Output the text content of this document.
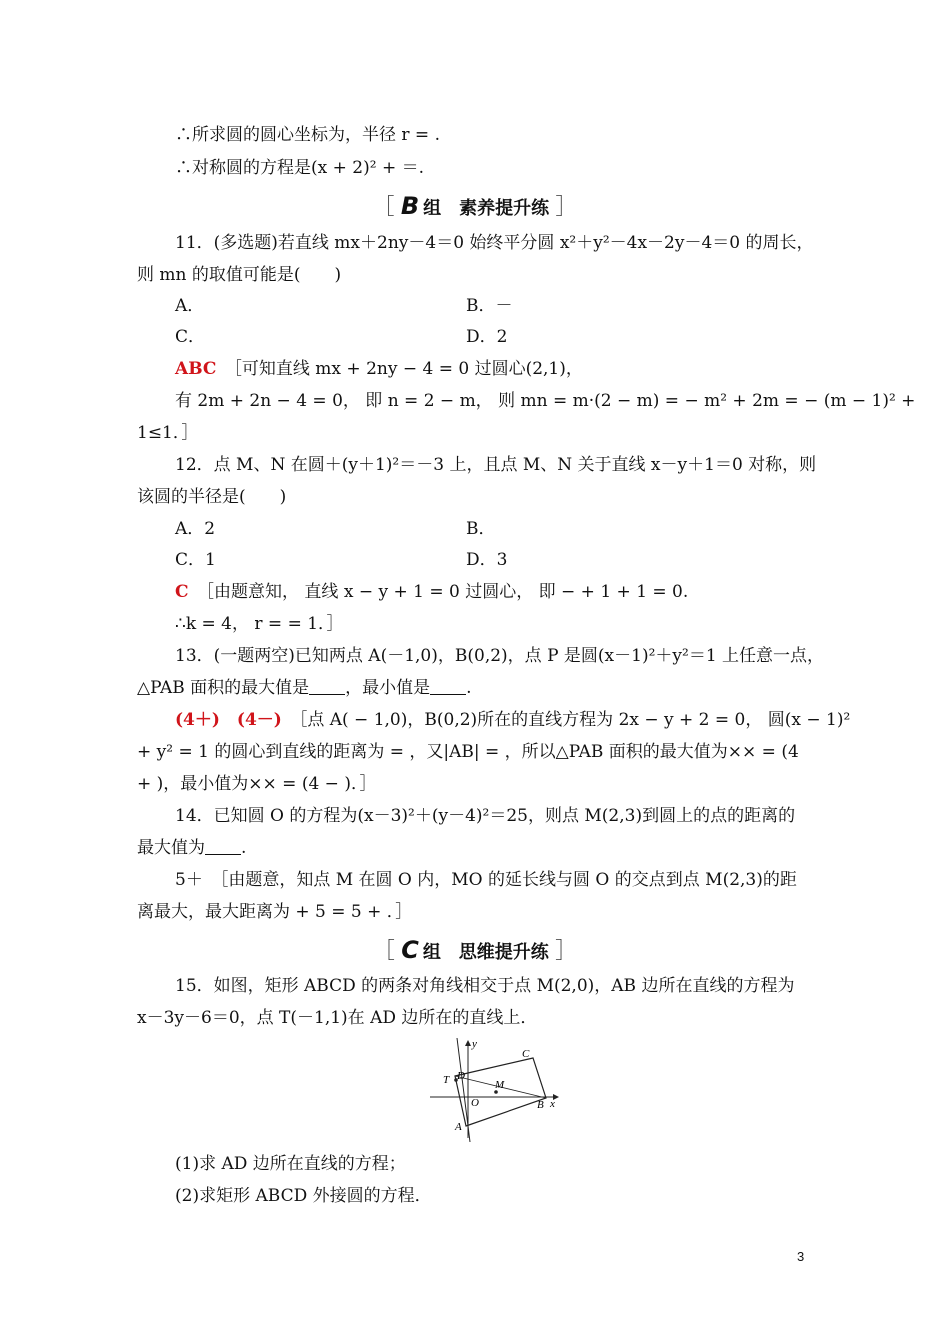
∴所求圆的圆心坐标为，半径 r = .
∴对称圆的方程是(x + 2)² + ＝.
［ B 组　素养提升练 ］
11．(多选题)若直线 mx＋2ny－4＝0 始终平分圆 x²＋y²－4x－2y－4＝0 的周长，
则 mn 的取值可能是(　　)
A．	B．－
C．	D．2
ABC　 ［可知直线 mx + 2ny − 4 = 0 过圆心(2,1)，
有 2m + 2n − 4 = 0， 即 n = 2 − m， 则 mn = m·(2 − m) = − m² + 2m = − (m − 1)² +
1≤1．］
12．点 M、N 在圆＋(y＋1)²＝－3 上，且点 M、N 关于直线 x－y＋1＝0 对称，则
该圆的半径是(　　)
A．2	B．
C．1	D．3
C　 ［由题意知， 直线 x − y + 1 = 0 过圆心， 即 − + 1 + 1 = 0.
∴k = 4， r = = 1．］
13．(一题两空)已知两点 A(－1,0)，B(0,2)，点 P 是圆(x－1)²＋y²＝1 上任意一点，
△PAB 面积的最大值是 ，最小值是 .
(4＋)　(4－)　 ［点 A( − 1,0)，B(0,2)所在的直线方程为 2x − y + 2 = 0， 圆(x − 1)²
+ y² = 1 的圆心到直线的距离为 = ，又|AB| = ，所以△PAB 面积的最大值为×× = (4
+ )，最小值为×× = (4 − )．］
14．已知圆 O 的方程为(x－3)²＋(y－4)²＝25，则点 M(2,3)到圆上的点的距离的
最大值为 .
5＋　［由题意，知点 M 在圆 O 内，MO 的延长线与圆 O 的交点到点 M(2,3)的距
离最大，最大距离为 + 5 = 5 + ．］
［ C 组　思维提升练 ］
15．如图，矩形 ABCD 的两条对角线相交于点 M(2,0)，AB 边所在直线的方程为
x－3y－6＝0，点 T(－1,1)在 AD 边所在的直线上．
y
x
D
T
C
M
O	B
A
(1)求 AD 边所在直线的方程；
(2)求矩形 ABCD 外接圆的方程．
3
